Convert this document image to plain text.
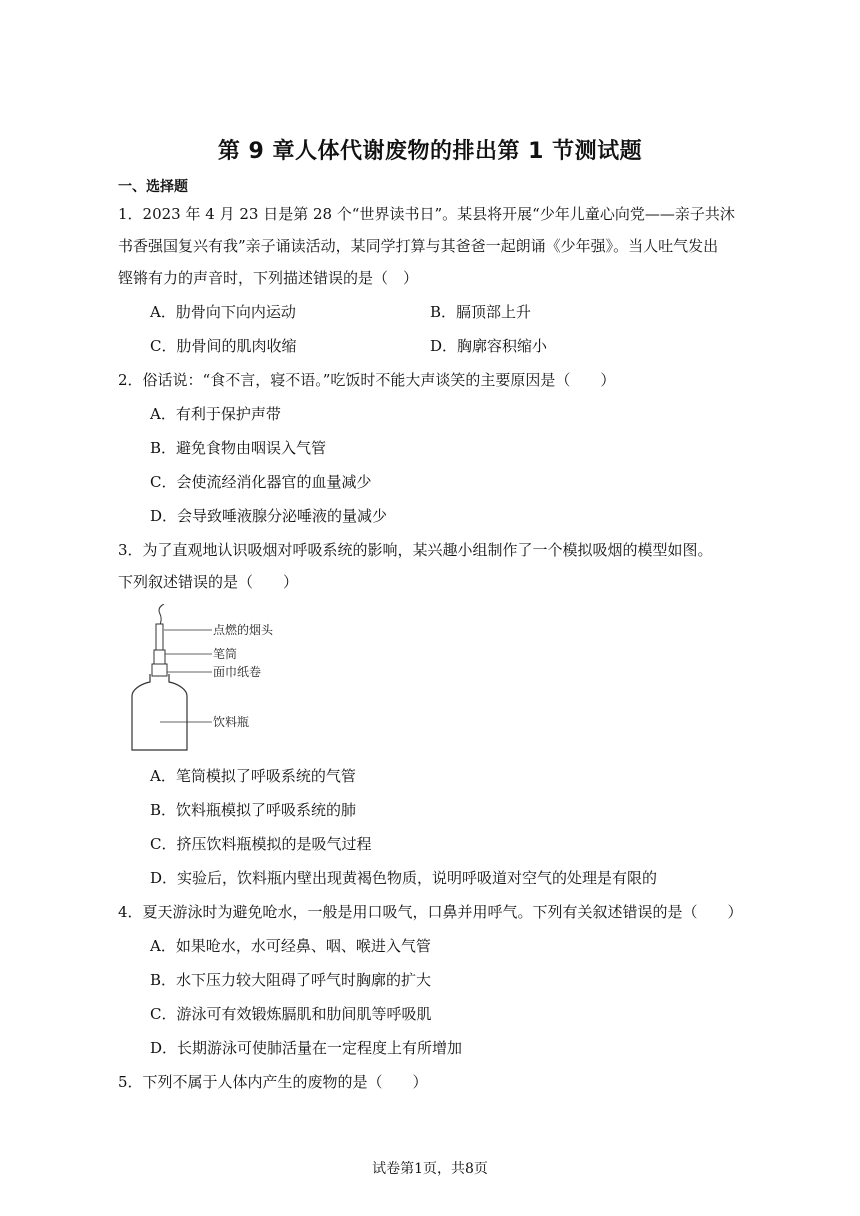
第 9 章人体代谢废物的排出第 1 节测试题
一、选择题
1．2023 年 4 月 23 日是第 28 个“世界读书日”。某县将开展“少年儿童心向党——亲子共沐
书香强国复兴有我”亲子诵读活动，某同学打算与其爸爸一起朗诵《少年强》。当人吐气发出
铿锵有力的声音时，下列描述错误的是（　）
A．肋骨向下向内运动	B．膈顶部上升
C．肋骨间的肌肉收缩	D．胸廓容积缩小
2．俗话说：“食不言，寝不语。”吃饭时不能大声谈笑的主要原因是（　　）
A．有利于保护声带
B．避免食物由咽误入气管
C．会使流经消化器官的血量减少
D．会导致唾液腺分泌唾液的量减少
3．为了直观地认识吸烟对呼吸系统的影响，某兴趣小组制作了一个模拟吸烟的模型如图。
下列叙述错误的是（　　）
点燃的烟头
笔筒
面巾纸卷
饮料瓶
A．笔筒模拟了呼吸系统的气管
B．饮料瓶模拟了呼吸系统的肺
C．挤压饮料瓶模拟的是吸气过程
D．实验后，饮料瓶内壁出现黄褐色物质，说明呼吸道对空气的处理是有限的
4．夏天游泳时为避免呛水，一般是用口吸气，口鼻并用呼气。下列有关叙述错误的是（　　）
A．如果呛水，水可经鼻、咽、喉进入气管
B．水下压力较大阻碍了呼气时胸廓的扩大
C．游泳可有效锻炼膈肌和肋间肌等呼吸肌
D．长期游泳可使肺活量在一定程度上有所增加
5．下列不属于人体内产生的废物的是（　　）
试卷第1页，共8页
